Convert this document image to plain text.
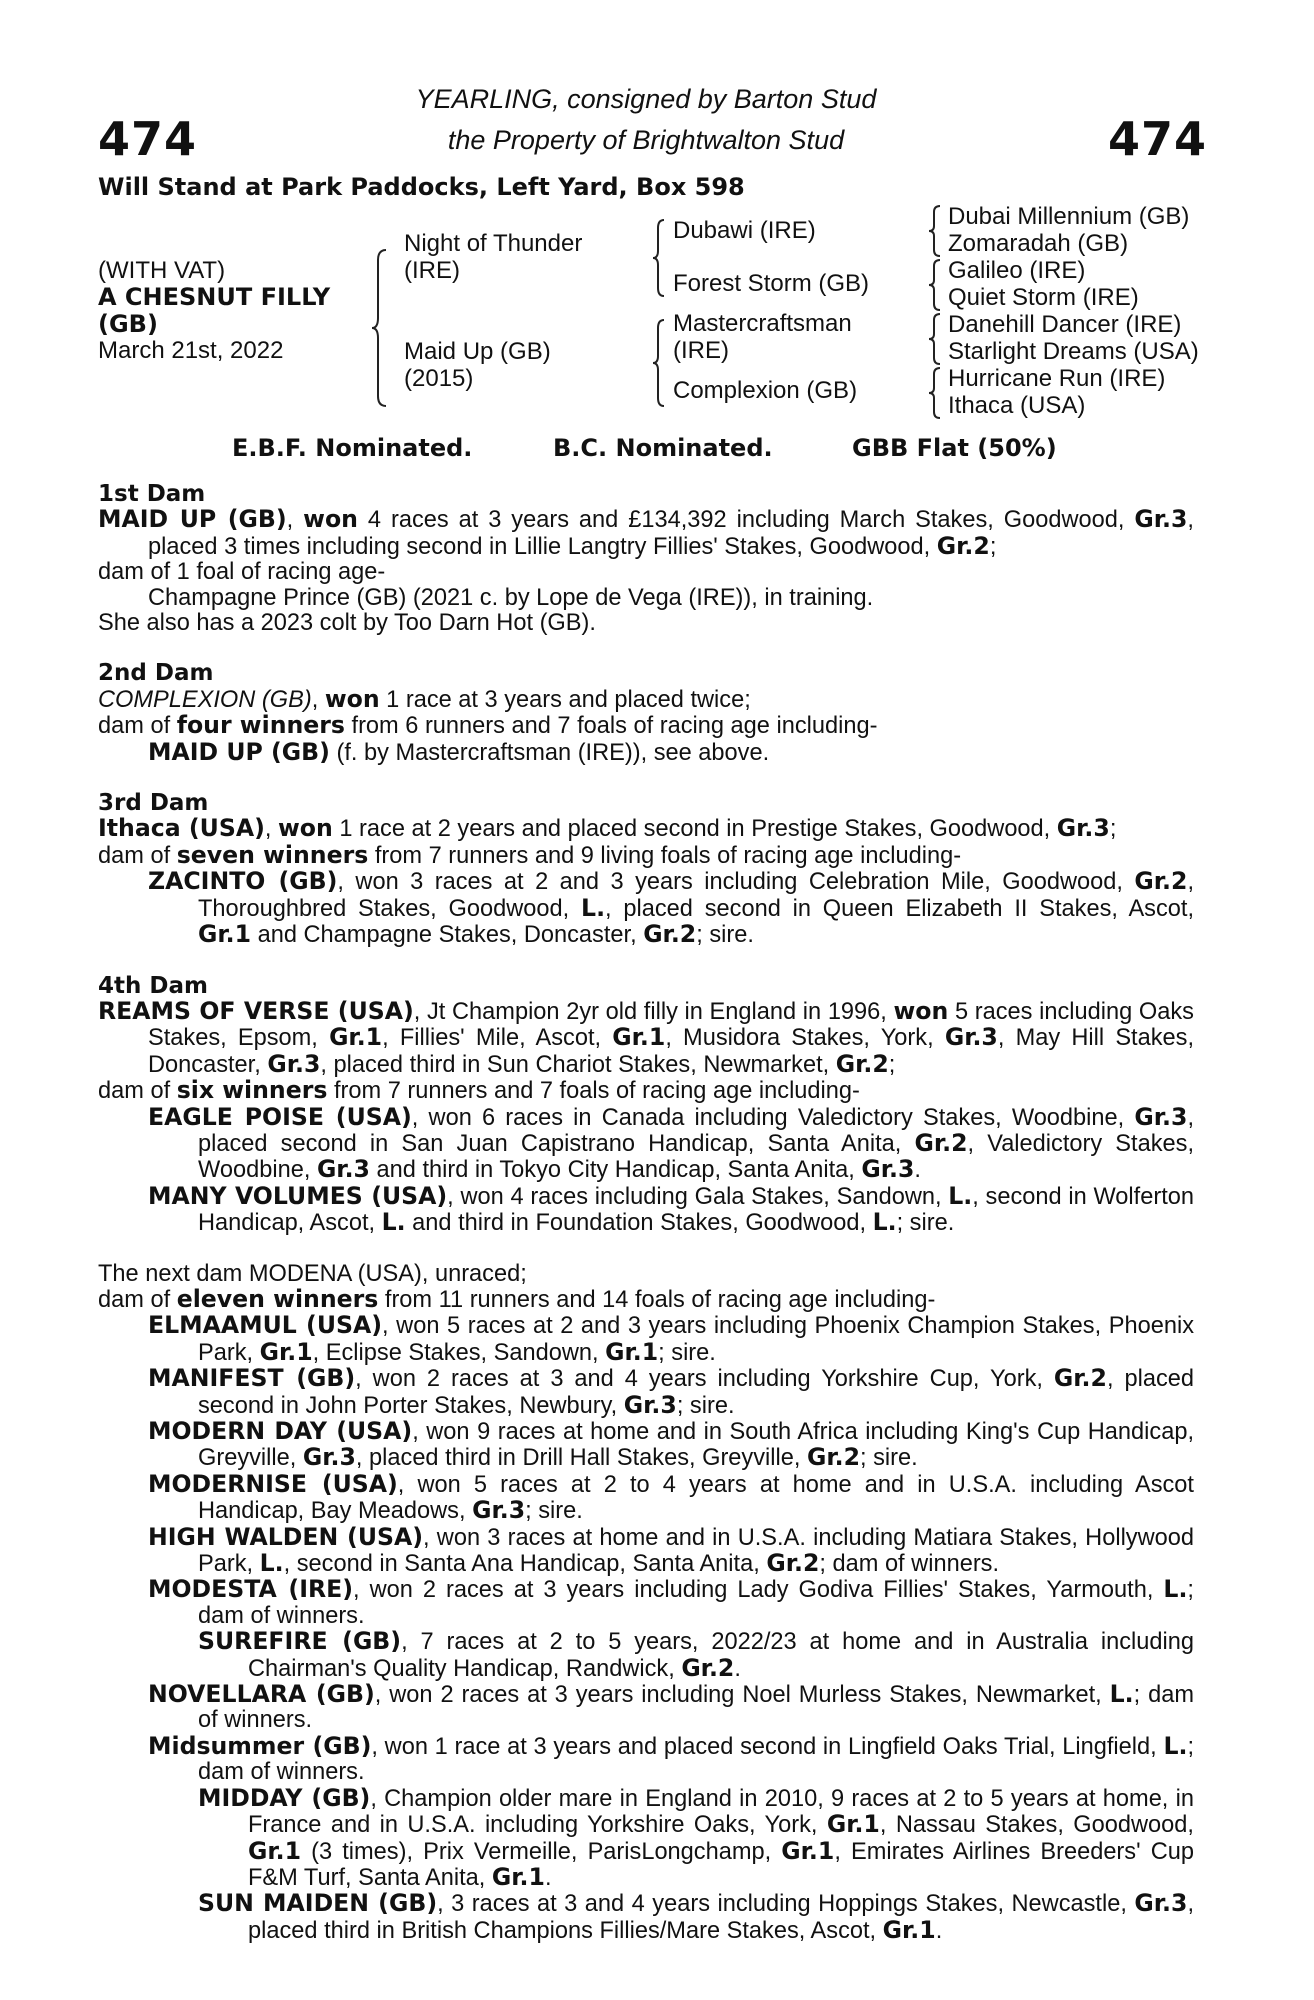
474	474
YEARLING, consigned by Barton Stud
the Property of Brightwalton Stud
Will Stand at Park Paddocks, Left Yard, Box 598
(WITH VAT)
A CHESNUT FILLY
(GB)
March 21st, 2022
Night of Thunder
(IRE)
Maid Up (GB)
(2015)
Dubawi (IRE)
Forest Storm (GB)
Mastercraftsman
(IRE)
Complexion (GB)
Dubai Millennium (GB)
Zomaradah (GB)
Galileo (IRE)
Quiet Storm (IRE)
Danehill Dancer (IRE)
Starlight Dreams (USA)
Hurricane Run (IRE)
Ithaca (USA)
E.B.F. Nominated.	B.C. Nominated.	GBB Flat (50%)

1st Dam

MAID UP (GB), won 4 races at 3 years and £134,392 including March Stakes, Goodwood, Gr.3, placed 3 times including second in Lillie Langtry Fillies' Stakes, Goodwood, Gr.2;

dam of 1 foal of racing age-

Champagne Prince (GB) (2021 c. by Lope de Vega (IRE)), in training.

She also has a 2023 colt by Too Darn Hot (GB).

2nd Dam

COMPLEXION (GB), won 1 race at 3 years and placed twice;

dam of four winners from 6 runners and 7 foals of racing age including-

MAID UP (GB) (f. by Mastercraftsman (IRE)), see above.

3rd Dam

Ithaca (USA), won 1 race at 2 years and placed second in Prestige Stakes, Goodwood, Gr.3;

dam of seven winners from 7 runners and 9 living foals of racing age including-

ZACINTO (GB), won 3 races at 2 and 3 years including Celebration Mile, Goodwood, Gr.2, Thoroughbred Stakes, Goodwood, L., placed second in Queen Elizabeth II Stakes, Ascot, Gr.1 and Champagne Stakes, Doncaster, Gr.2; sire.

4th Dam

REAMS OF VERSE (USA), Jt Champion 2yr old filly in England in 1996, won 5 races including Oaks Stakes, Epsom, Gr.1, Fillies' Mile, Ascot, Gr.1, Musidora Stakes, York, Gr.3, May Hill Stakes, Doncaster, Gr.3, placed third in Sun Chariot Stakes, Newmarket, Gr.2;

dam of six winners from 7 runners and 7 foals of racing age including-

EAGLE POISE (USA), won 6 races in Canada including Valedictory Stakes, Woodbine, Gr.3, placed second in San Juan Capistrano Handicap, Santa Anita, Gr.2, Valedictory Stakes, Woodbine, Gr.3 and third in Tokyo City Handicap, Santa Anita, Gr.3.

MANY VOLUMES (USA), won 4 races including Gala Stakes, Sandown, L., second in Wolferton Handicap, Ascot, L. and third in Foundation Stakes, Goodwood, L.; sire.

The next dam MODENA (USA), unraced;

dam of eleven winners from 11 runners and 14 foals of racing age including-

ELMAAMUL (USA), won 5 races at 2 and 3 years including Phoenix Champion Stakes, Phoenix Park, Gr.1, Eclipse Stakes, Sandown, Gr.1; sire.

MANIFEST (GB), won 2 races at 3 and 4 years including Yorkshire Cup, York, Gr.2, placed second in John Porter Stakes, Newbury, Gr.3; sire.

MODERN DAY (USA), won 9 races at home and in South Africa including King's Cup Handicap, Greyville, Gr.3, placed third in Drill Hall Stakes, Greyville, Gr.2; sire.

MODERNISE (USA), won 5 races at 2 to 4 years at home and in U.S.A. including Ascot Handicap, Bay Meadows, Gr.3; sire.

HIGH WALDEN (USA), won 3 races at home and in U.S.A. including Matiara Stakes, Hollywood Park, L., second in Santa Ana Handicap, Santa Anita, Gr.2; dam of winners.

MODESTA (IRE), won 2 races at 3 years including Lady Godiva Fillies' Stakes, Yarmouth, L.; dam of winners.

SUREFIRE (GB), 7 races at 2 to 5 years, 2022/23 at home and in Australia including Chairman's Quality Handicap, Randwick, Gr.2.

NOVELLARA (GB), won 2 races at 3 years including Noel Murless Stakes, Newmarket, L.; dam of winners.

Midsummer (GB), won 1 race at 3 years and placed second in Lingfield Oaks Trial, Lingfield, L.; dam of winners.

MIDDAY (GB), Champion older mare in England in 2010, 9 races at 2 to 5 years at home, in France and in U.S.A. including Yorkshire Oaks, York, Gr.1, Nassau Stakes, Goodwood, Gr.1 (3 times), Prix Vermeille, ParisLongchamp, Gr.1, Emirates Airlines Breeders' Cup F&M Turf, Santa Anita, Gr.1.

SUN MAIDEN (GB), 3 races at 3 and 4 years including Hoppings Stakes, Newcastle, Gr.3, placed third in British Champions Fillies/Mare Stakes, Ascot, Gr.1.
